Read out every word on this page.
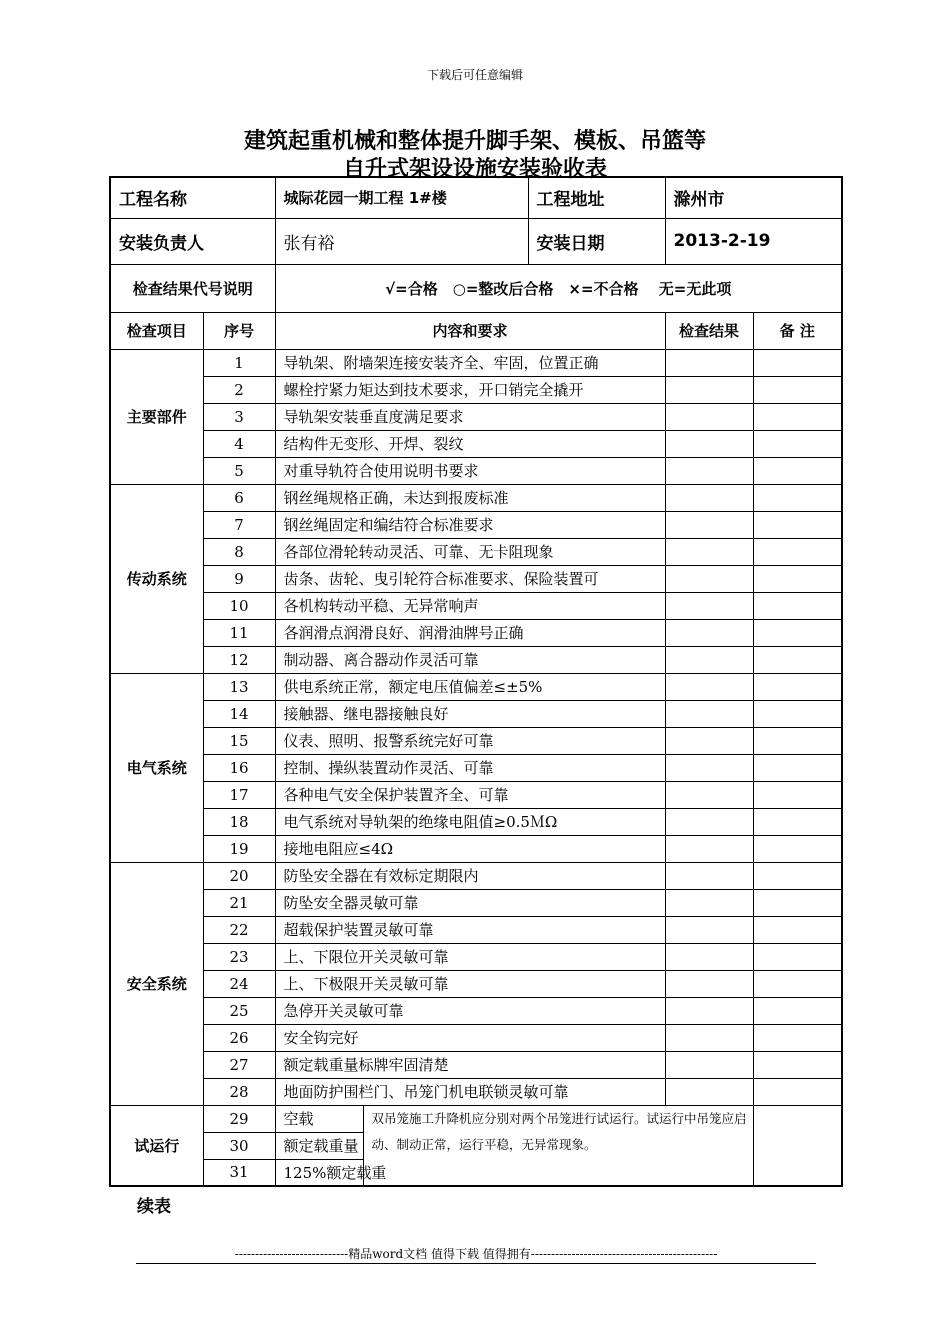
下载后可任意编辑
建筑起重机械和整体提升脚手架、模板、吊篮等
自升式架设设施安装验收表
工程名称		城际花园一期工程 1#楼		工程地址	滁州市	
安装负责人		张有裕		安装日期	2013-2-19	
检查结果代号说明		√=合格　○=整改后合格　×=不合格　 无=无此项				
检查项目	序号	内容和要求			检查结果	备 注
主要部件	1	导轨架、附墙架连接安装齐全、牢固，位置正确				
	2	螺栓拧紧力矩达到技术要求，开口销完全撬开				
	3	导轨架安装垂直度满足要求				
	4	结构件无变形、开焊、裂纹				
	5	对重导轨符合使用说明书要求				
传动系统	6	钢丝绳规格正确，未达到报废标准				
	7	钢丝绳固定和编结符合标准要求				
	8	各部位滑轮转动灵活、可靠、无卡阻现象				
	9	齿条、齿轮、曳引轮符合标准要求、保险装置可				
	10	各机构转动平稳、无异常响声				
	11	各润滑点润滑良好、润滑油牌号正确				
	12	制动器、离合器动作灵活可靠				
电气系统	13	供电系统正常，额定电压值偏差≤±5%				
	14	接触器、继电器接触良好				
	15	仪表、照明、报警系统完好可靠				
	16	控制、操纵装置动作灵活、可靠				
	17	各种电气安全保护装置齐全、可靠				
	18	电气系统对导轨架的绝缘电阻值≥0.5ＭΩ				
	19	接地电阻应≤4Ω				
安全系统	20	防坠安全器在有效标定期限内				
	21	防坠安全器灵敏可靠				
	22	超载保护装置灵敏可靠				
	23	上、下限位开关灵敏可靠				
	24	上、下极限开关灵敏可靠				
	25	急停开关灵敏可靠				
	26	安全钩完好				
	27	额定载重量标牌牢固清楚				
	28	地面防护围栏门、吊笼门机电联锁灵敏可靠				
试运行	29	空载	双吊笼施工升降机应分别对两个吊笼进行试运行。试运行中吊笼应启动、制动正常，运行平稳，无异常现象。			
	30	额定载重量				
	31	125%额定载重				
续表
----------------------------精品word文档 值得下载 值得拥有----------------------------------------------
